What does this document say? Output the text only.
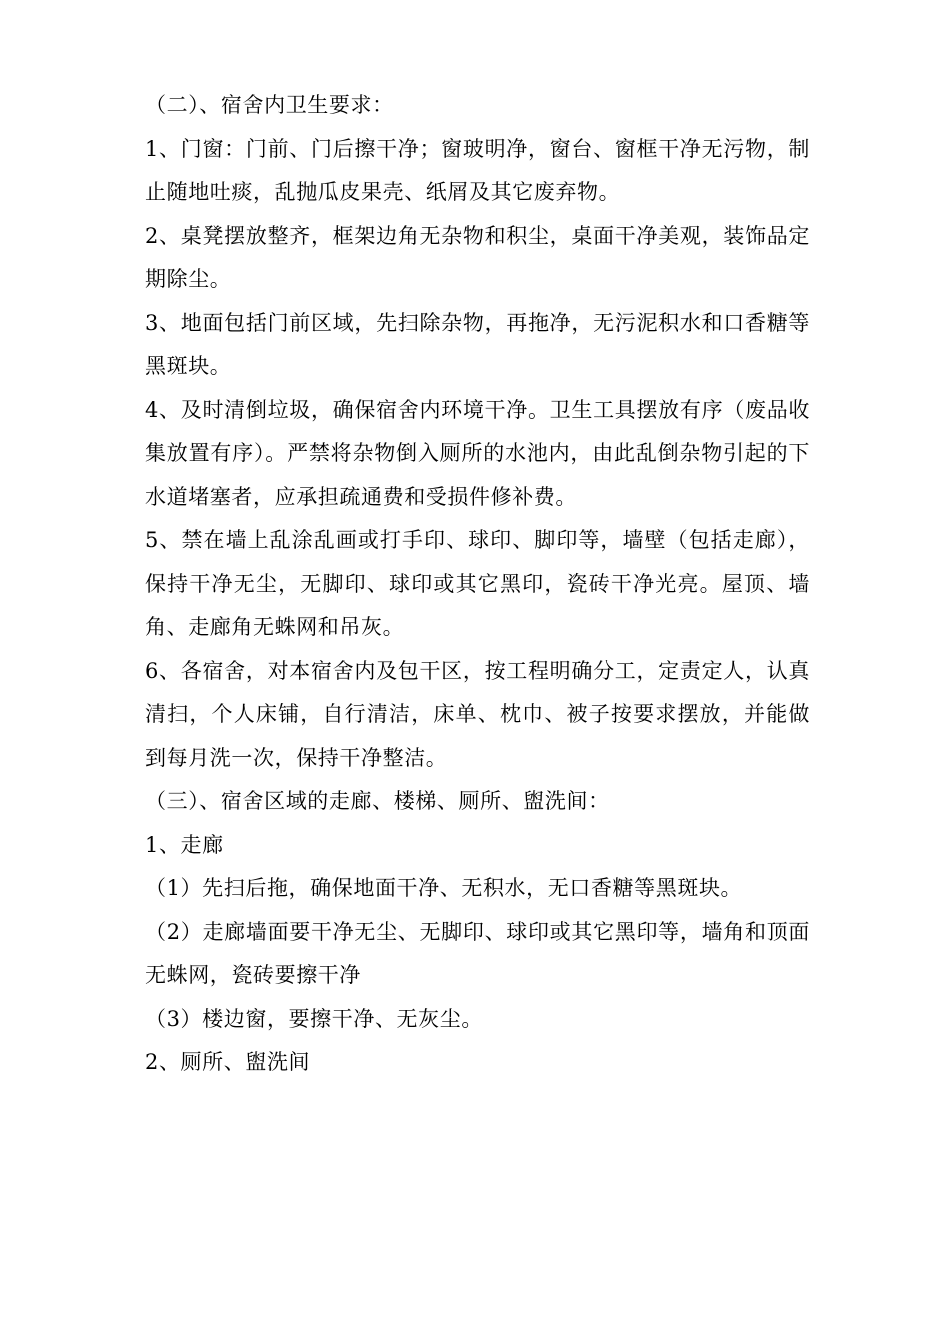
（二）、宿舍内卫生要求：

1、门窗：门前、门后擦干净；窗玻明净，窗台、窗框干净无污物，制止随地吐痰，乱抛瓜皮果壳、纸屑及其它废弃物。

2、桌凳摆放整齐，框架边角无杂物和积尘，桌面干净美观，装饰品定期除尘。

3、地面包括门前区域，先扫除杂物，再拖净，无污泥积水和口香糖等黑斑块。

4、及时清倒垃圾，确保宿舍内环境干净。卫生工具摆放有序（废品收集放置有序）。严禁将杂物倒入厕所的水池内，由此乱倒杂物引起的下水道堵塞者，应承担疏通费和受损件修补费。

5、禁在墙上乱涂乱画或打手印、球印、脚印等，墙壁（包括走廊），保持干净无尘，无脚印、球印或其它黑印，瓷砖干净光亮。屋顶、墙角、走廊角无蛛网和吊灰。

6、各宿舍，对本宿舍内及包干区，按工程明确分工，定责定人，认真清扫，个人床铺，自行清洁，床单、枕巾、被子按要求摆放，并能做到每月洗一次，保持干净整洁。

（三）、宿舍区域的走廊、楼梯、厕所、盥洗间：

1、走廊

（1）先扫后拖，确保地面干净、无积水，无口香糖等黑斑块。

（2）走廊墙面要干净无尘、无脚印、球印或其它黑印等，墙角和顶面无蛛网，瓷砖要擦干净

（3）楼边窗，要擦干净、无灰尘。

2、厕所、盥洗间
